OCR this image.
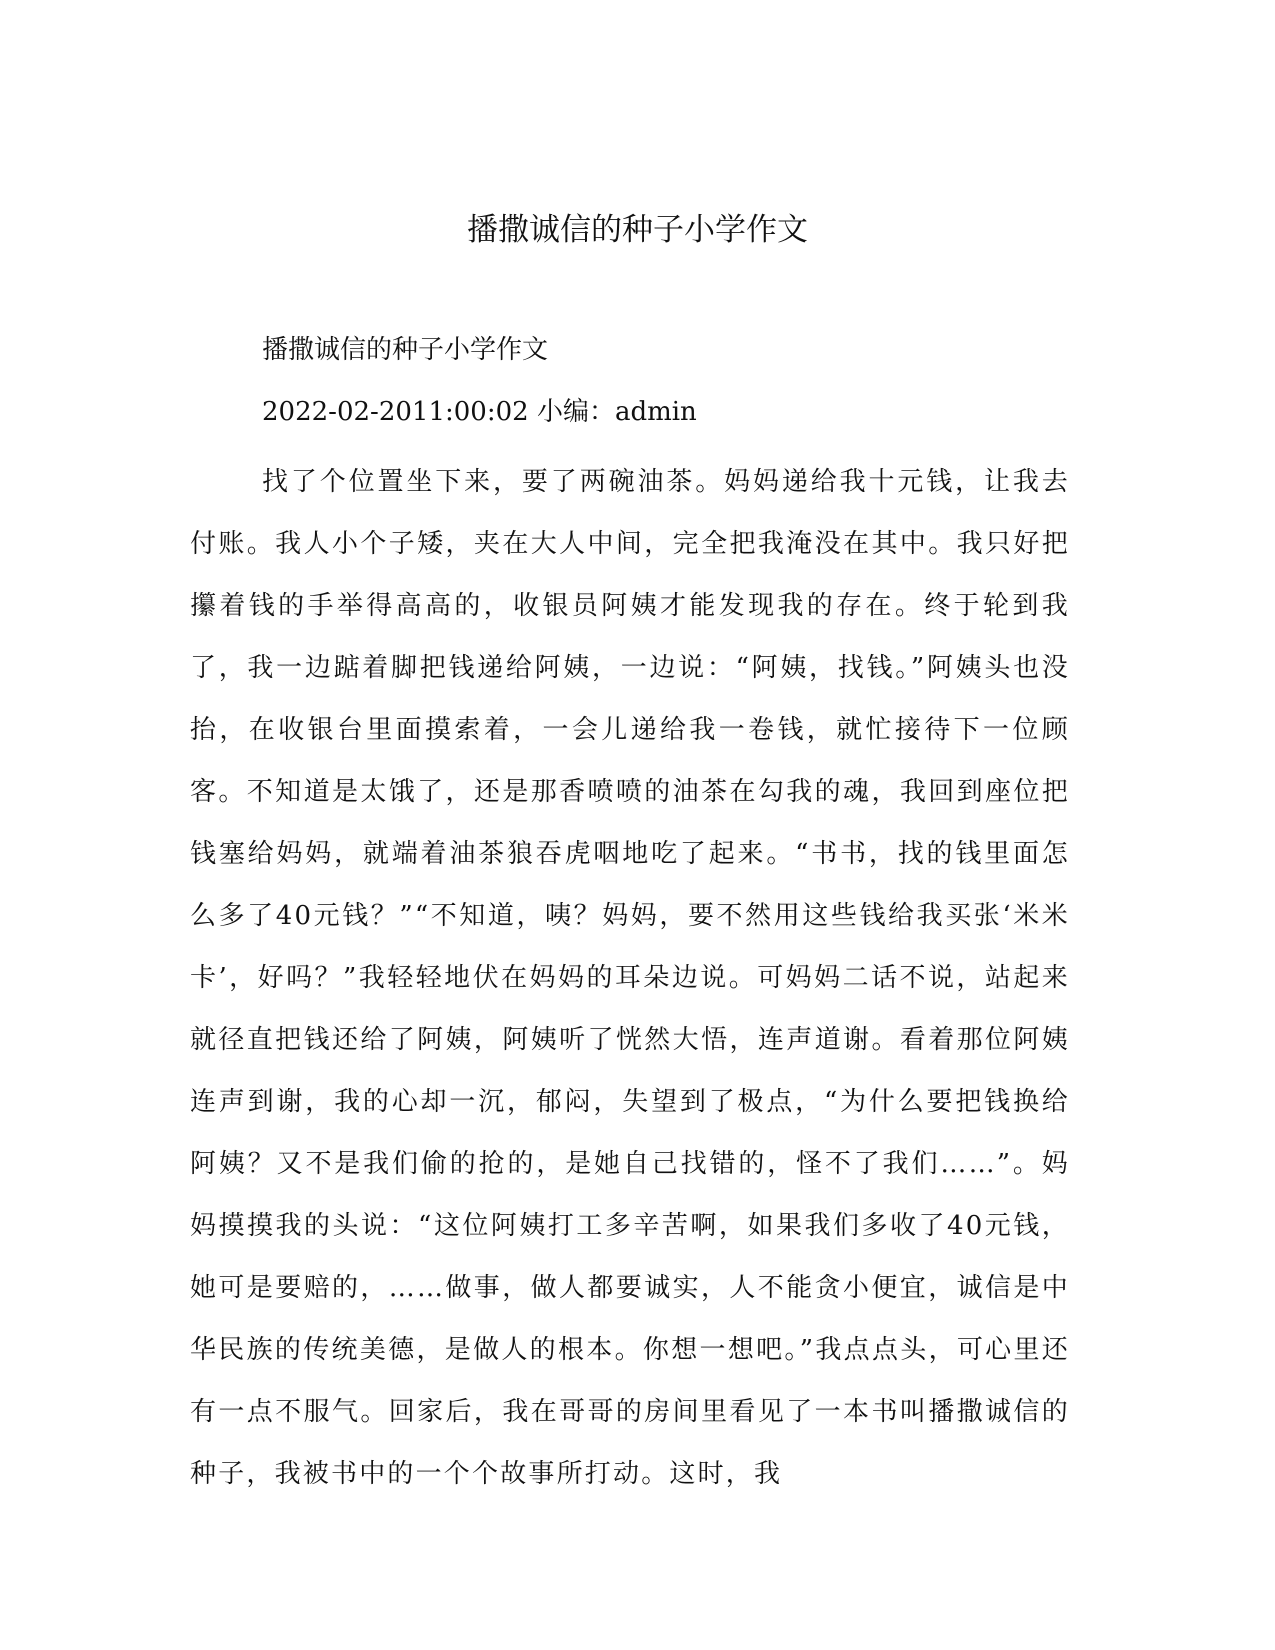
播撒诚信的种子小学作文

播撒诚信的种子小学作文

2022-02-2011:00:02 小编：admin

找了个位置坐下来，要了两碗油茶。妈妈递给我十元钱，让我去付账。我人小个子矮，夹在大人中间，完全把我淹没在其中。我只好把攥着钱的手举得高高的，收银员阿姨才能发现我的存在。终于轮到我了，我一边踮着脚把钱递给阿姨，一边说：“阿姨，找钱。”阿姨头也没抬，在收银台里面摸索着，一会儿递给我一卷钱，就忙接待下一位顾客。不知道是太饿了，还是那香喷喷的油茶在勾我的魂，我回到座位把钱塞给妈妈，就端着油茶狼吞虎咽地吃了起来。“书书，找的钱里面怎么多了40元钱？”“不知道，咦？妈妈，要不然用这些钱给我买张‘米米卡’，好吗？”我轻轻地伏在妈妈的耳朵边说。可妈妈二话不说，站起来就径直把钱还给了阿姨，阿姨听了恍然大悟，连声道谢。看着那位阿姨连声到谢，我的心却一沉，郁闷，失望到了极点，“为什么要把钱换给阿姨？又不是我们偷的抢的，是她自己找错的，怪不了我们……”。妈妈摸摸我的头说：“这位阿姨打工多辛苦啊，如果我们多收了40元钱，她可是要赔的，……做事，做人都要诚实，人不能贪小便宜，诚信是中华民族的传统美德，是做人的根本。你想一想吧。”我点点头，可心里还有一点不服气。回家后，我在哥哥的房间里看见了一本书叫播撒诚信的种子，我被书中的一个个故事所打动。这时，我
